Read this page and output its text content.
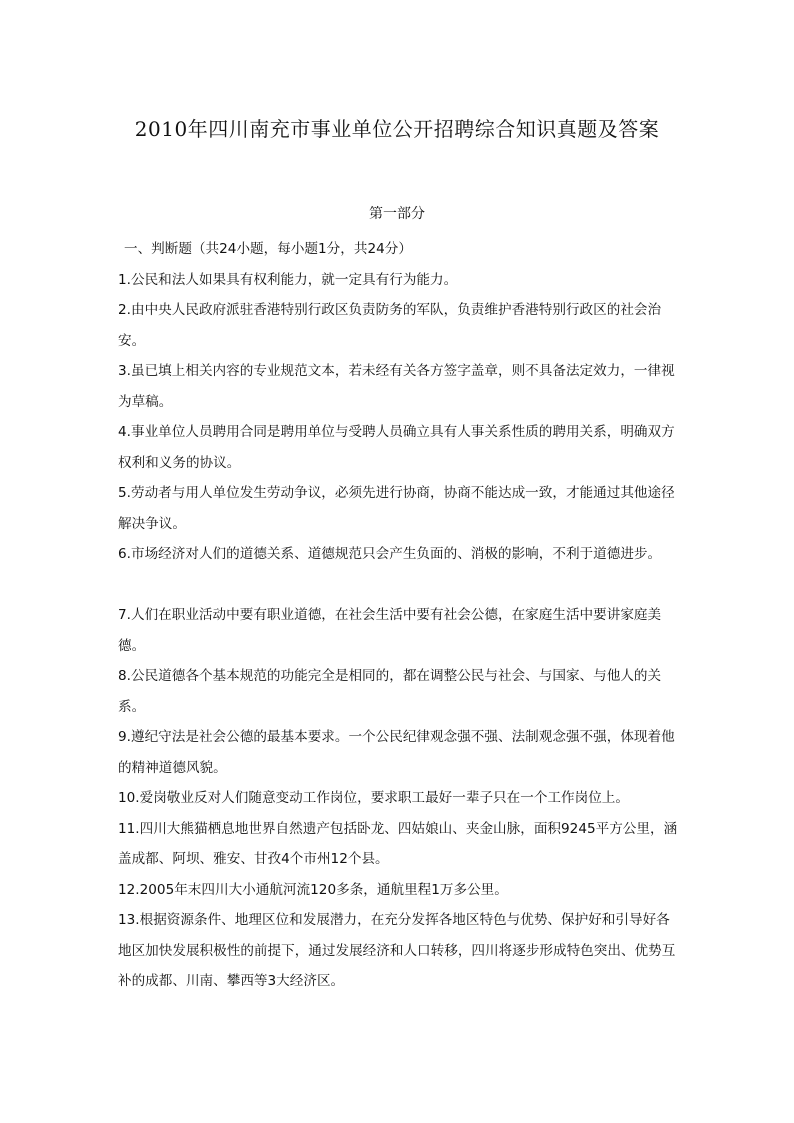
2010年四川南充市事业单位公开招聘综合知识真题及答案
第一部分

一、判断题（共24小题，每小题1分，共24分）

1.公民和法人如果具有权利能力，就一定具有行为能力。

2.由中央人民政府派驻香港特别行政区负责防务的军队，负责维护香港特别行政区的社会治安。

3.虽已填上相关内容的专业规范文本，若未经有关各方签字盖章，则不具备法定效力，一律视为草稿。

4.事业单位人员聘用合同是聘用单位与受聘人员确立具有人事关系性质的聘用关系，明确双方权利和义务的协议。

5.劳动者与用人单位发生劳动争议，必须先进行协商，协商不能达成一致，才能通过其他途径解决争议。

6.市场经济对人们的道德关系、道德规范只会产生负面的、消极的影响，不利于道德进步。

7.人们在职业活动中要有职业道德，在社会生活中要有社会公德，在家庭生活中要讲家庭美德。

8.公民道德各个基本规范的功能完全是相同的，都在调整公民与社会、与国家、与他人的关系。

9.遵纪守法是社会公德的最基本要求。一个公民纪律观念强不强、法制观念强不强，体现着他的精神道德风貌。

10.爱岗敬业反对人们随意变动工作岗位，要求职工最好一辈子只在一个工作岗位上。

11.四川大熊猫栖息地世界自然遗产包括卧龙、四姑娘山、夹金山脉，面积9245平方公里，涵盖成都、阿坝、雅安、甘孜4个市州12个县。

12.2005年末四川大小通航河流120多条，通航里程1万多公里。

13.根据资源条件、地理区位和发展潜力，在充分发挥各地区特色与优势、保护好和引导好各地区加快发展积极性的前提下，通过发展经济和人口转移，四川将逐步形成特色突出、优势互补的成都、川南、攀西等3大经济区。
